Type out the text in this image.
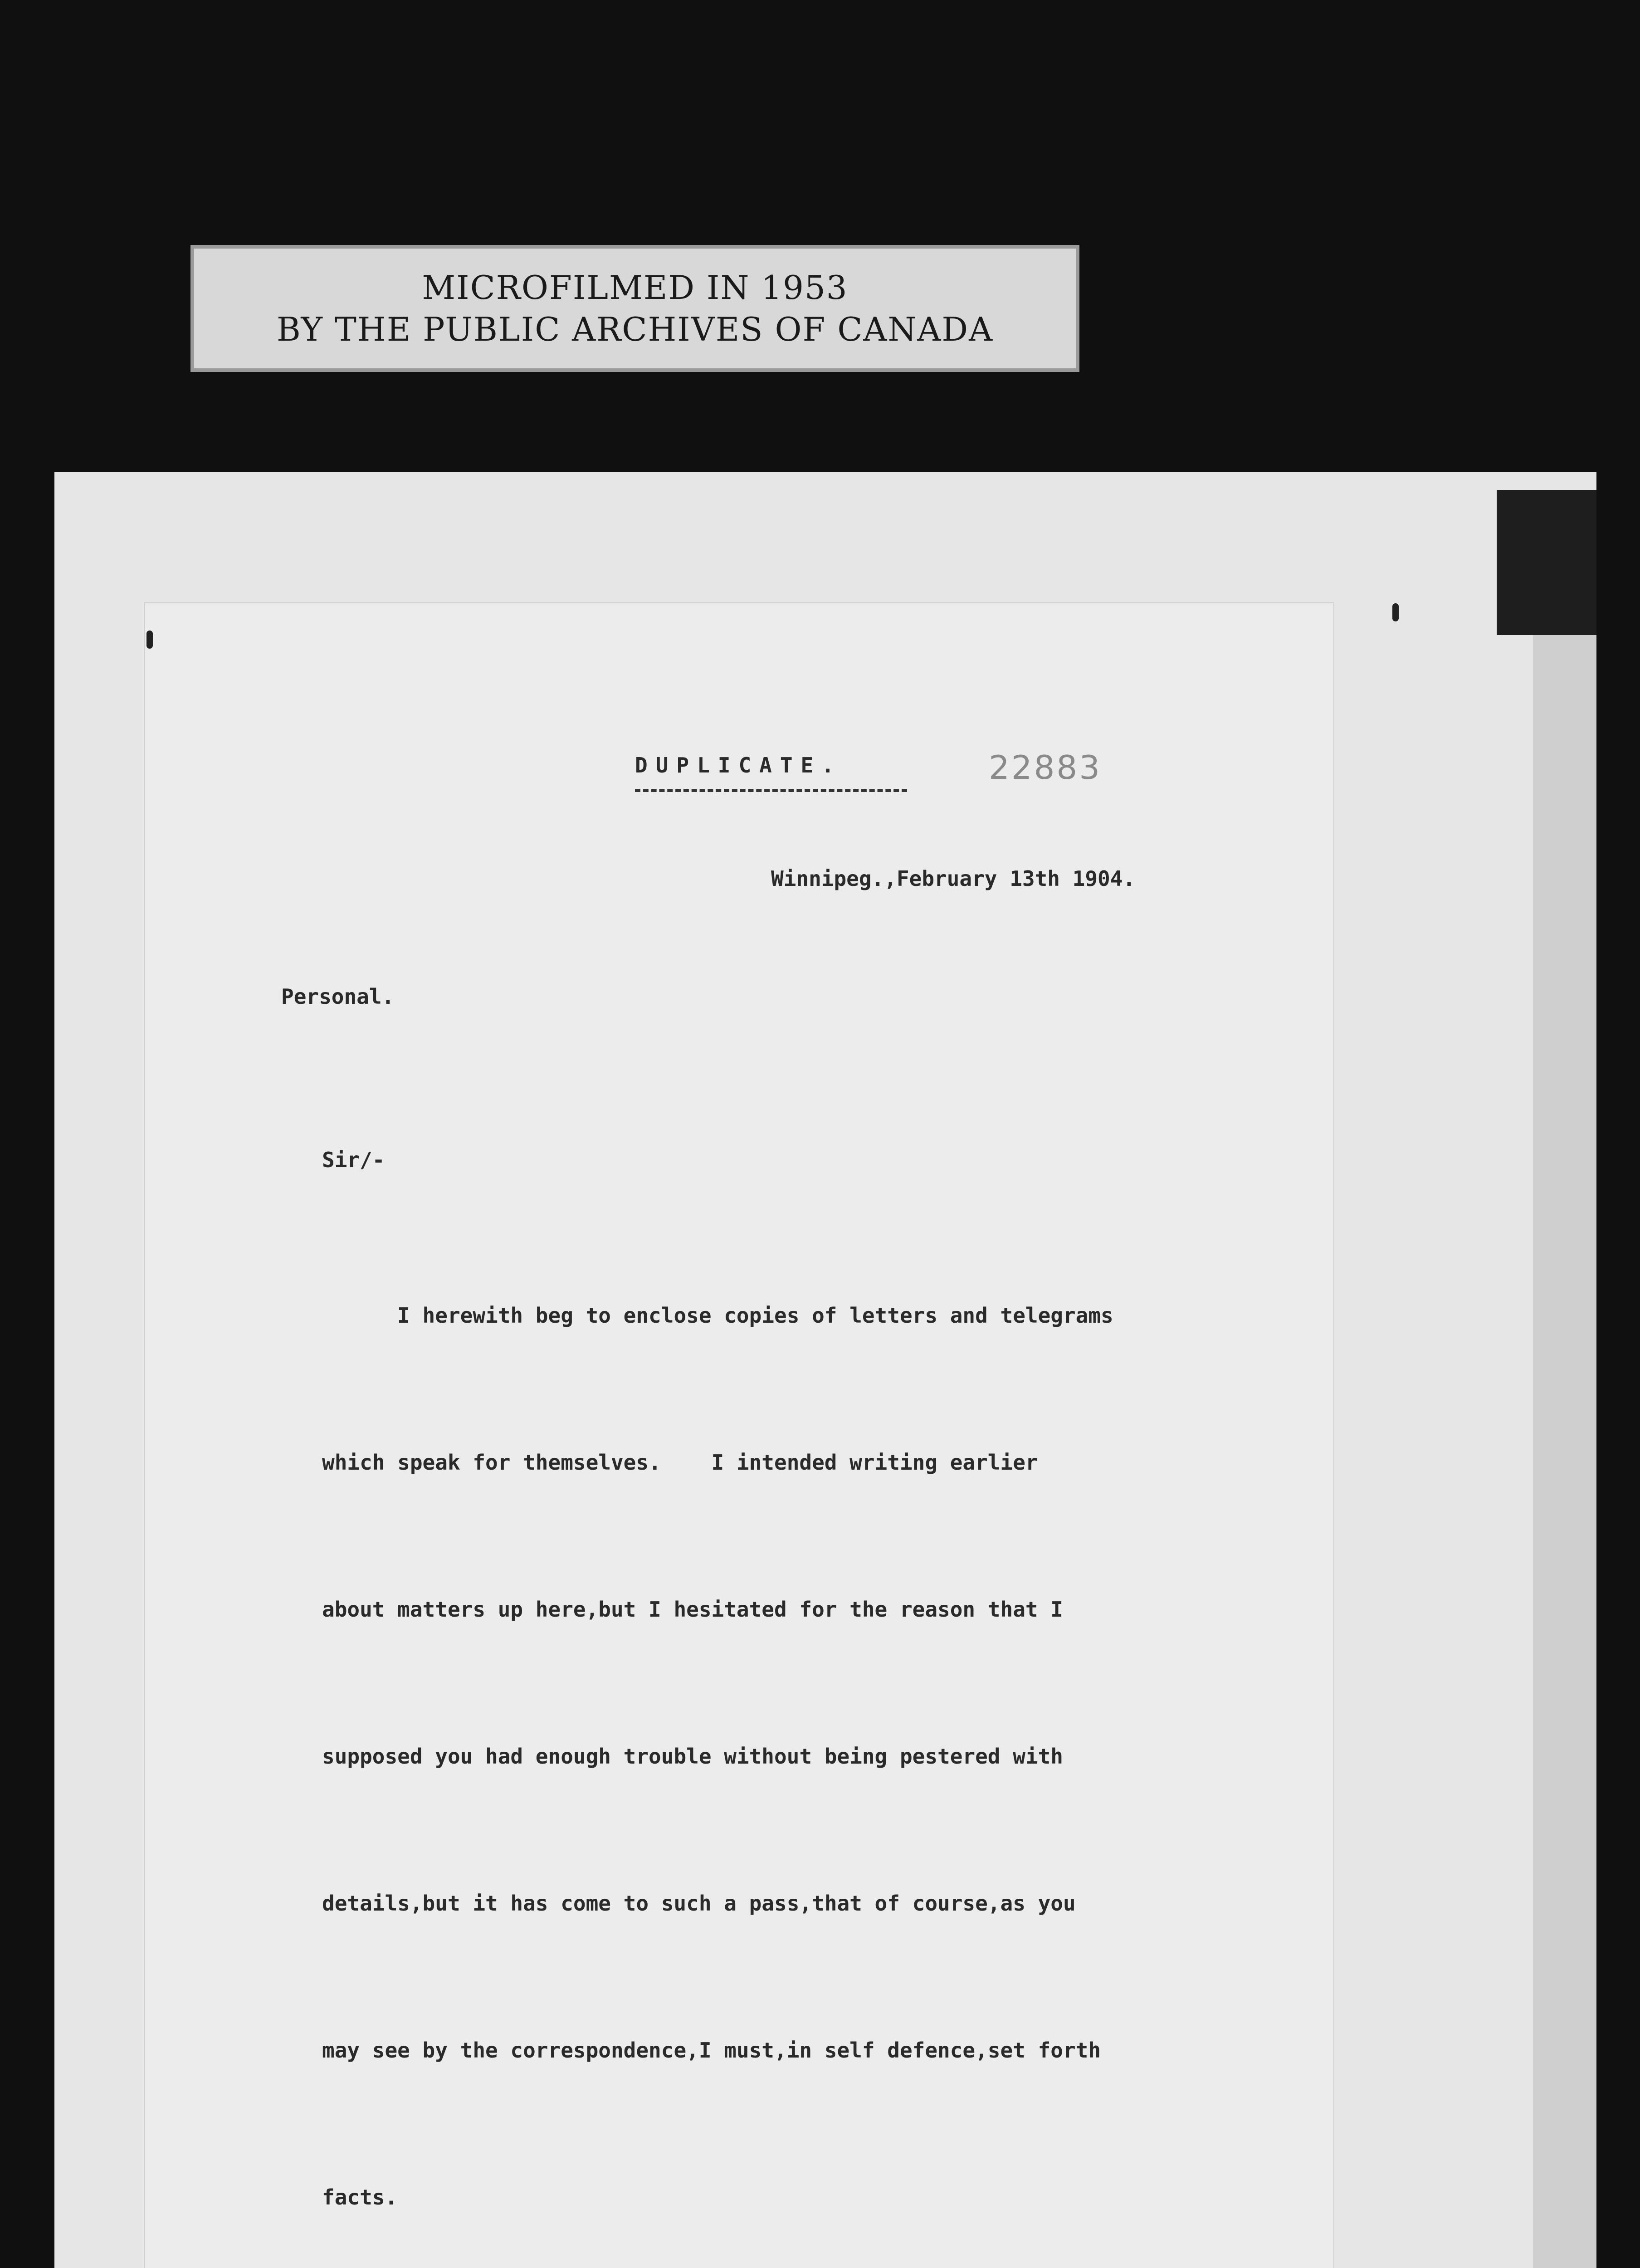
MICROFILMED IN 1953
BY THE PUBLIC ARCHIVES OF CANADA
DUPLICATE.	22883
Winnipeg.,February 13th 1904.
Personal.
Sir/-

I herewith beg to enclose copies of letters and telegrams

which speak for themselves.    I intended writing earlier

about matters up here,but I hesitated for the reason that I

supposed you had enough trouble without being pestered with

details,but it has come to such a pass,that of course,as you

may see by the correspondence,I must,in self defence,set forth

facts.
